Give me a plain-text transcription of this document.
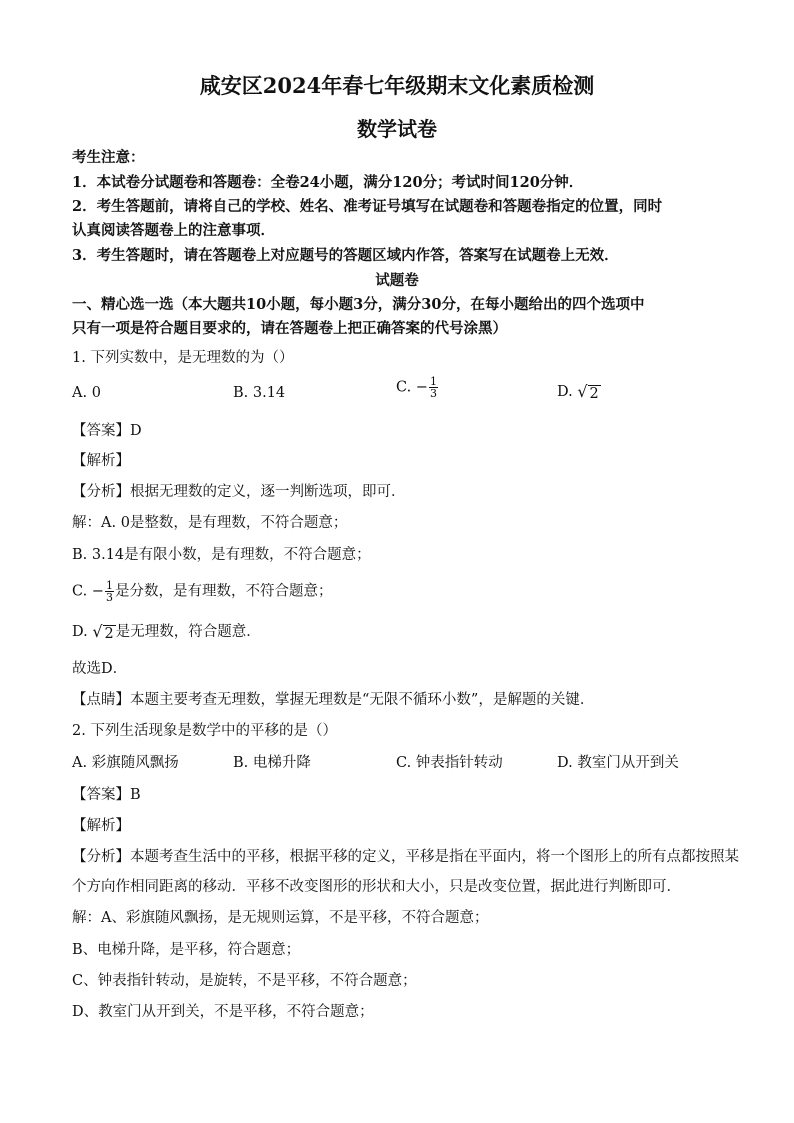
咸安区2024年春七年级期末文化素质检测
数学试卷
考生注意：
1．本试卷分试题卷和答题卷：全卷24小题，满分120分；考试时间120分钟．
2．考生答题前，请将自己的学校、姓名、准考证号填写在试题卷和答题卷指定的位置，同时
认真阅读答题卷上的注意事项．
3．考生答题时，请在答题卷上对应题号的答题区域内作答，答案写在试题卷上无效．
试题卷
一、精心选一选（本大题共10小题，每小题3分，满分30分，在每小题给出的四个选项中
只有一项是符合题目要求的，请在答题卷上把正确答案的代号涂黑）
1. 下列实数中，是无理数的为（）
A. 0	B. 3.14	C. − $\frac{1}{3}$	D. √ 2
【答案】D
【解析】
【分析】根据无理数的定义，逐一判断选项，即可．
解：A. 0是整数，是有理数，不符合题意；
B. 3.14是有限小数，是有理数，不符合题意；
C. − $\frac{1}{3}$ 是分数，是有理数，不符合题意；
D. √ 2 是无理数，符合题意．
故选D．
【点睛】本题主要考查无理数，掌握无理数是“无限不循环小数”，是解题的关键．
2. 下列生活现象是数学中的平移的是（）
A. 彩旗随风飘扬	B. 电梯升降	C. 钟表指针转动	D. 教室门从开到关
【答案】B
【解析】
【分析】本题考查生活中的平移，根据平移的定义，平移是指在平面内，将一个图形上的所有点都按照某
个方向作相同距离的移动．平移不改变图形的形状和大小，只是改变位置，据此进行判断即可．
解：A、彩旗随风飘扬，是无规则运算，不是平移，不符合题意；
B、电梯升降，是平移，符合题意；
C、钟表指针转动，是旋转，不是平移，不符合题意；
D、教室门从开到关，不是平移，不符合题意；
